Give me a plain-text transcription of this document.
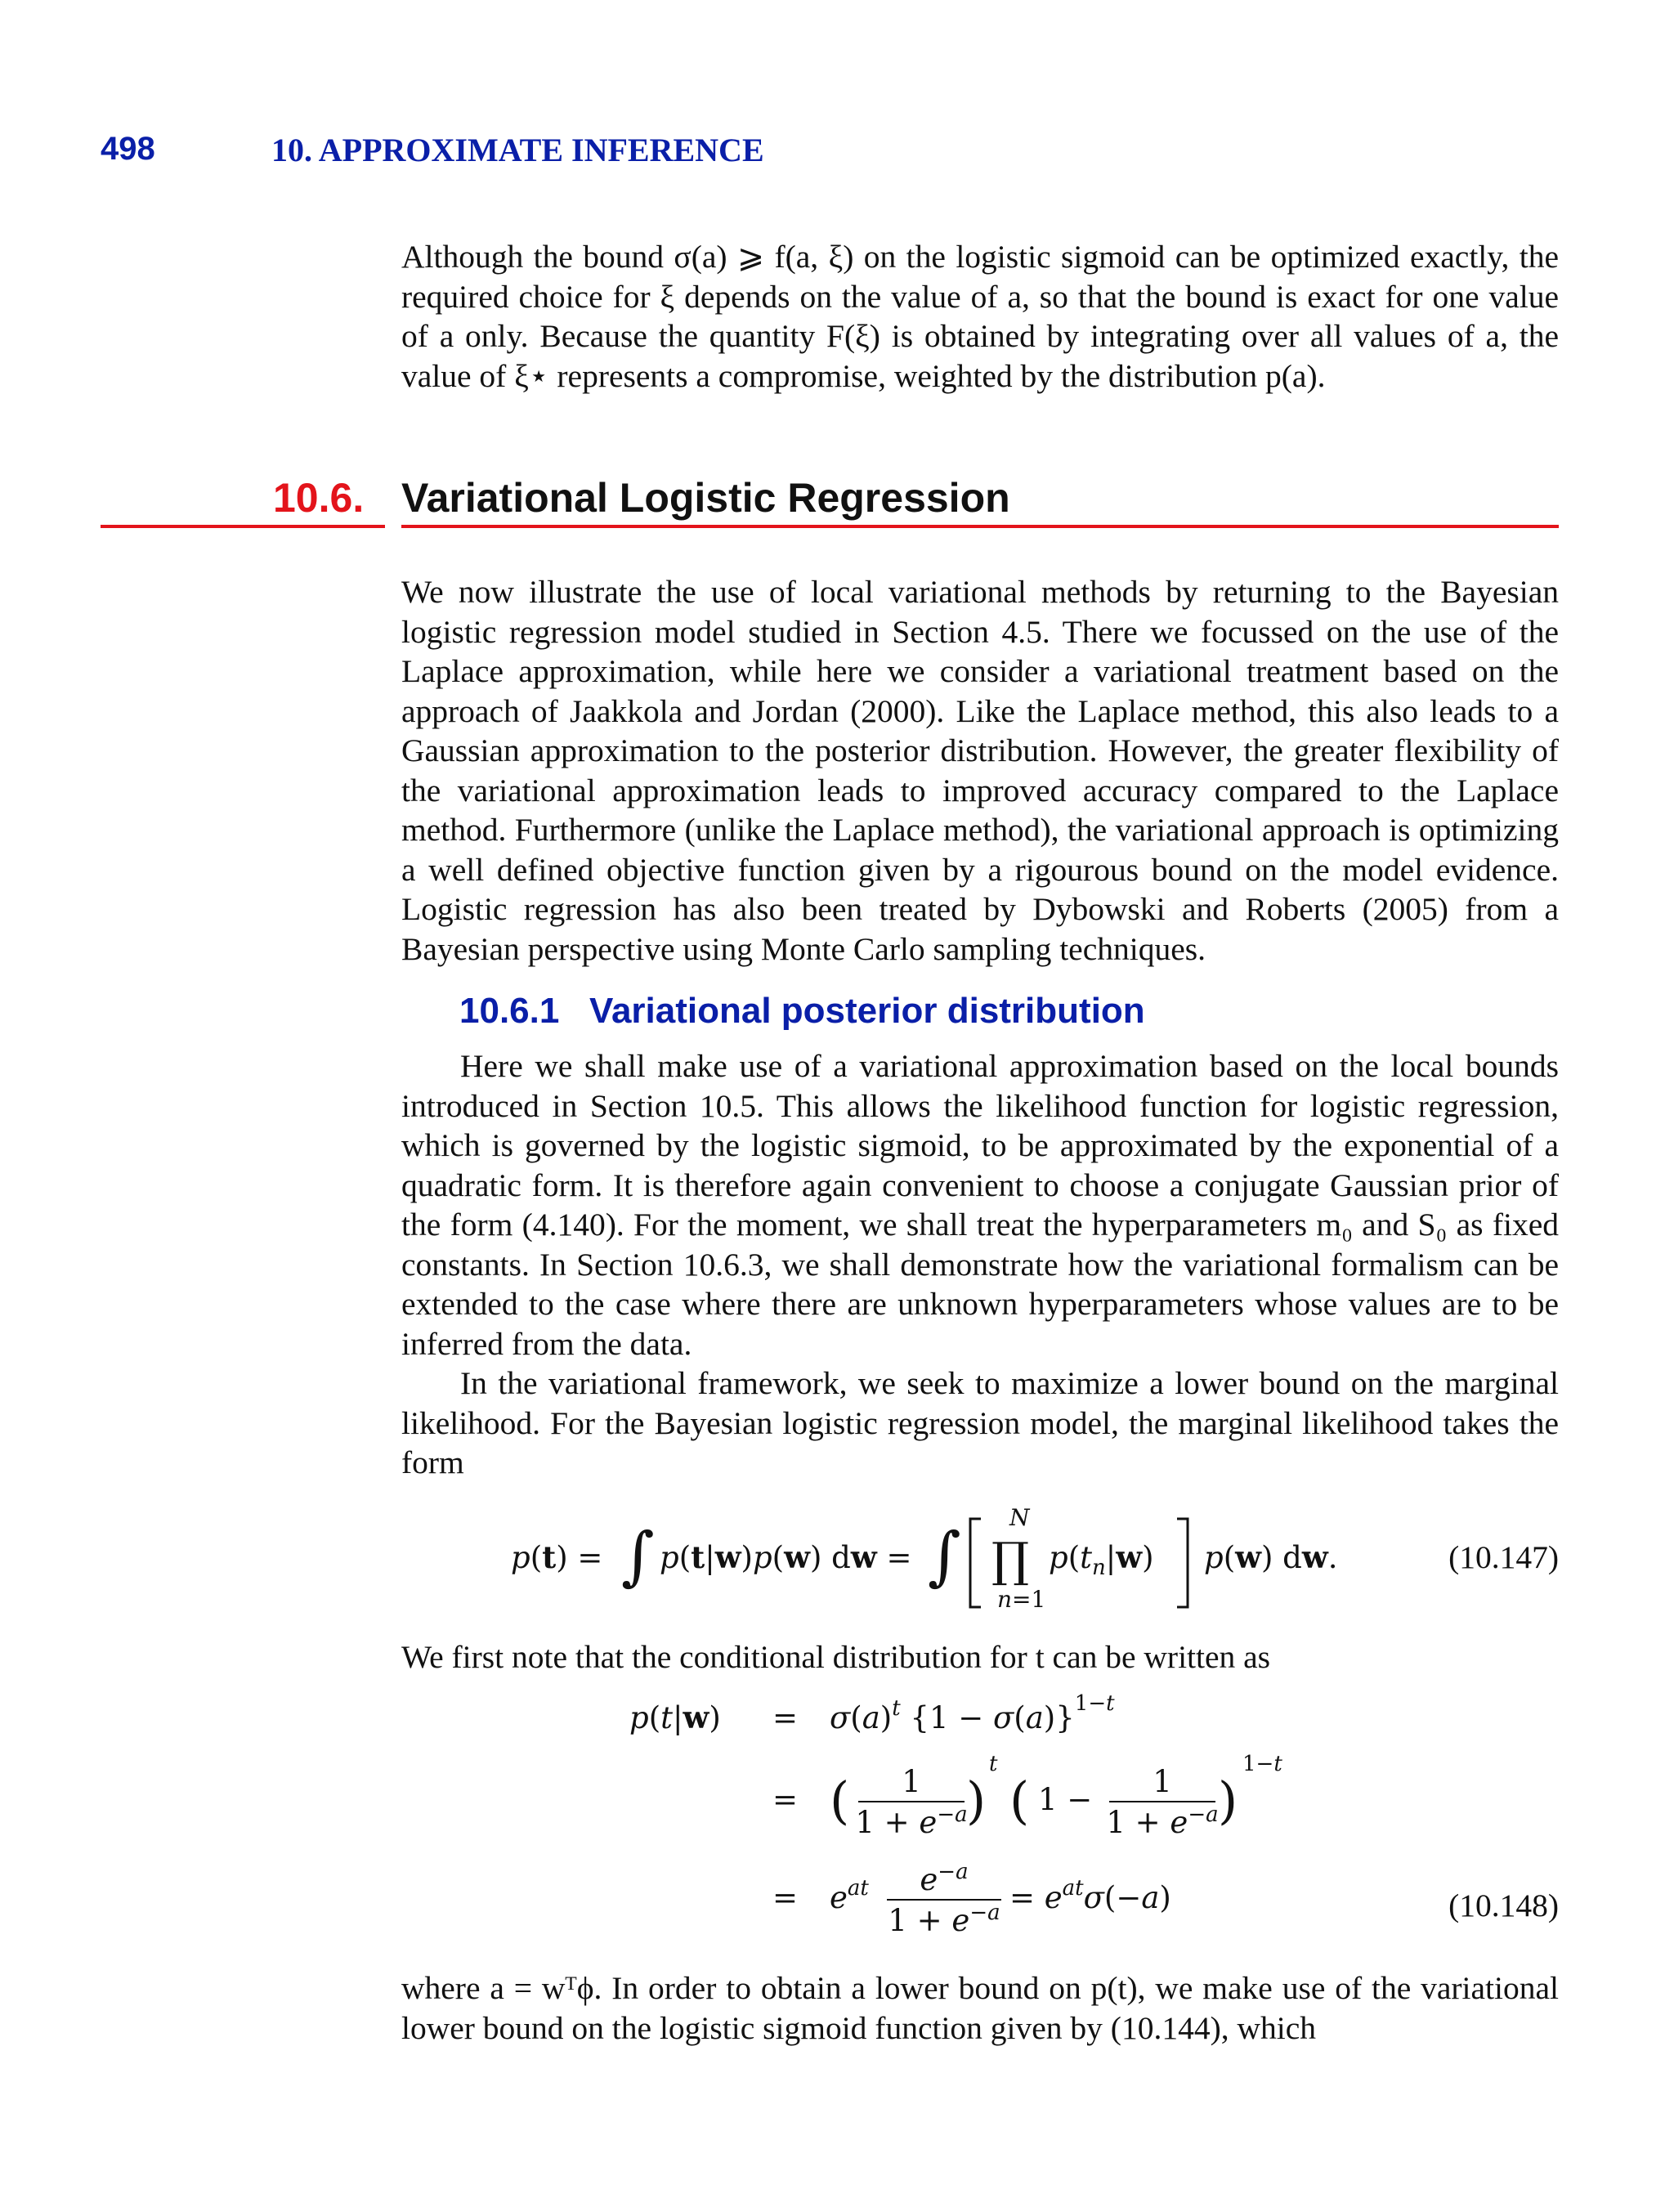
498	10. APPROXIMATE INFERENCE
Although the bound σ(a) ⩾ f(a, ξ) on the logistic sigmoid can be optimized exactly, the required choice for ξ depends on the value of a, so that the bound is exact for one value of a only. Because the quantity F(ξ) is obtained by integrating over all values of a, the value of ξ⋆ represents a compromise, weighted by the distribution p(a).
10.6. Variational Logistic Regression
We now illustrate the use of local variational methods by returning to the Bayesian logistic regression model studied in Section 4.5. There we focussed on the use of the Laplace approximation, while here we consider a variational treatment based on the approach of Jaakkola and Jordan (2000). Like the Laplace method, this also leads to a Gaussian approximation to the posterior distribution. However, the greater flexibility of the variational approximation leads to improved accuracy compared to the Laplace method. Furthermore (unlike the Laplace method), the variational approach is optimizing a well defined objective function given by a rigourous bound on the model evidence. Logistic regression has also been treated by Dybowski and Roberts (2005) from a Bayesian perspective using Monte Carlo sampling techniques.
10.6.1 Variational posterior distribution
Here we shall make use of a variational approximation based on the local bounds introduced in Section 10.5. This allows the likelihood function for logistic regression, which is governed by the logistic sigmoid, to be approximated by the exponential of a quadratic form. It is therefore again convenient to choose a conjugate Gaussian prior of the form (4.140). For the moment, we shall treat the hyperparameters m₀ and S₀ as fixed constants. In Section 10.6.3, we shall demonstrate how the variational formalism can be extended to the case where there are unknown hyperparameters whose values are to be inferred from the data.
In the variational framework, we seek to maximize a lower bound on the marginal likelihood. For the Bayesian logistic regression model, the marginal likelihood takes the form
p(t) = ∫ p(t|w)p(w) dw = ∫
N
∏
n=1
$p(t_n|w)$ p(w) dw.	(10.147)
We first note that the conditional distribution for t can be written as
$p(t|w) = \sigma(a)^t$ $\{1 - \sigma(a)\}^{1-}t$
= ( 1
1 + e−a
)
t
( 1 −
1
1 + e−a )
1−t
= $e^{at}$ e−a
$1 + e^-a = e^{at}\sigma(-a)$	(10.148)
where a = wᵀϕ. In order to obtain a lower bound on p(t), we make use of the variational lower bound on the logistic sigmoid function given by (10.144), which
